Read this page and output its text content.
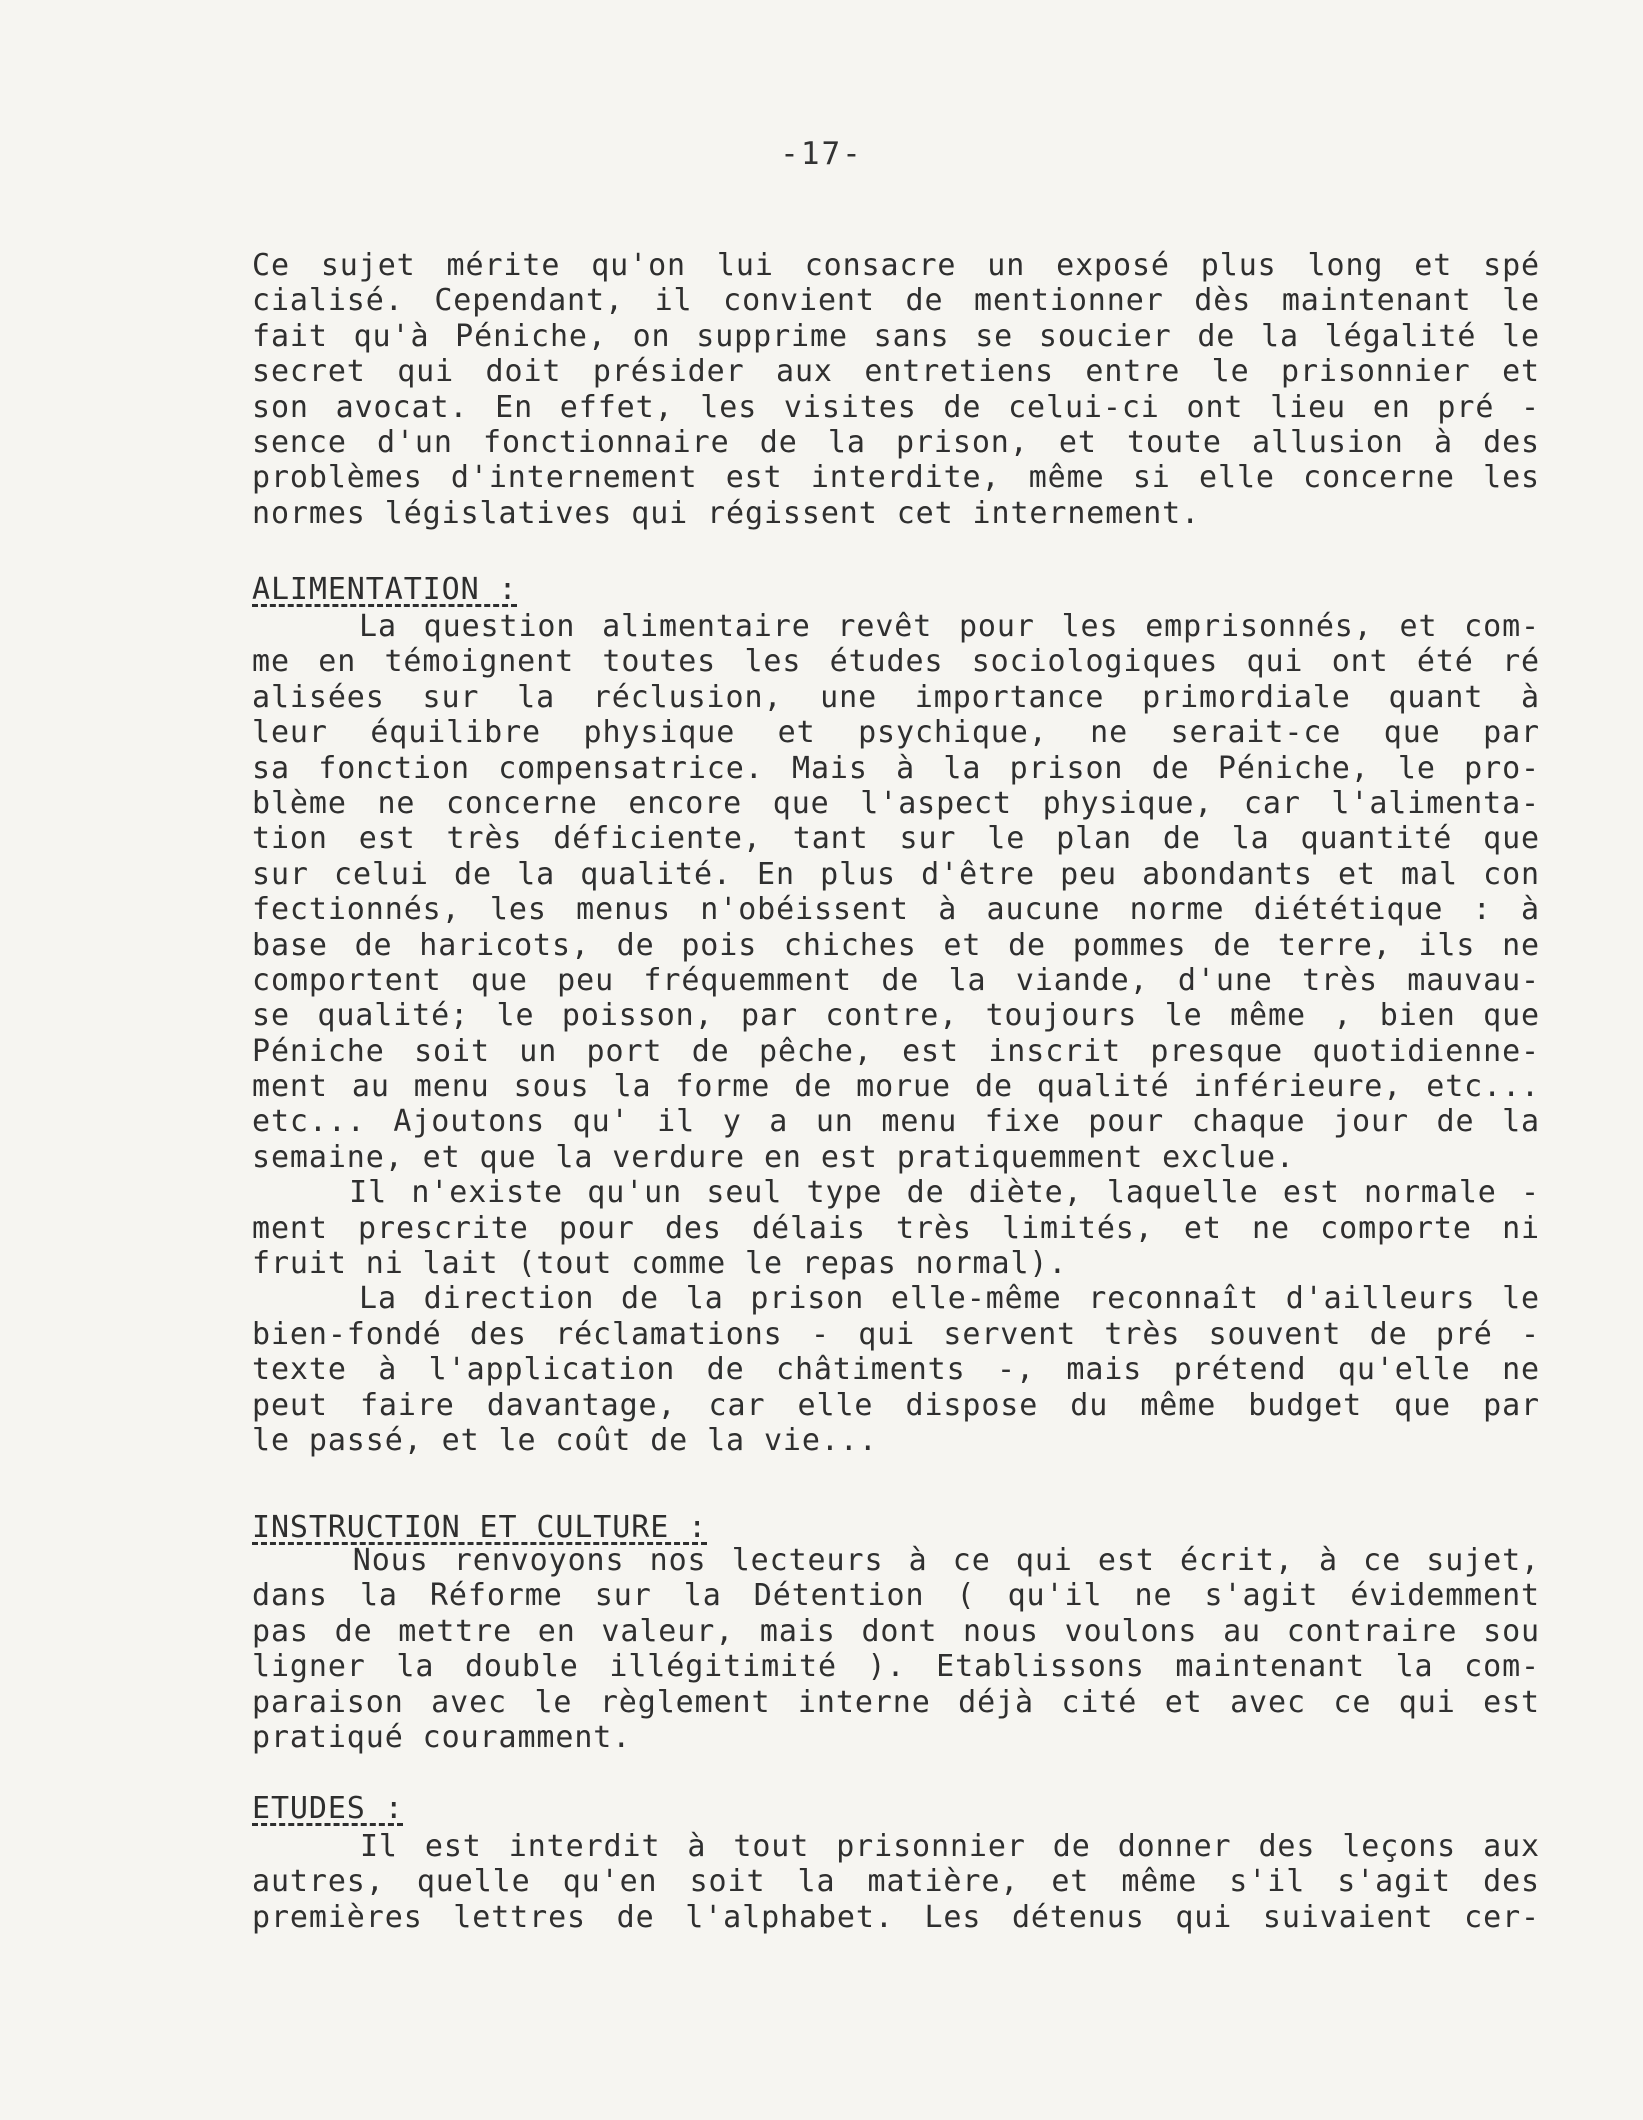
-17-

Ce sujet mérite qu'on lui consacre un exposé plus long et spé
cialisé. Cependant, il convient de mentionner dès maintenant le
fait qu'à Péniche, on supprime sans se soucier de la légalité le
secret qui doit présider aux entretiens entre le prisonnier et
son avocat. En effet, les visites de celui-ci ont lieu en pré -
sence d'un fonctionnaire de la prison, et toute allusion à des
problèmes d'internement est interdite, même si elle concerne les
normes législatives qui régissent cet internement.
ALIMENTATION :
La question alimentaire revêt pour les emprisonnés, et com-
me en témoignent toutes les études sociologiques qui ont été ré
alisées sur la réclusion, une importance primordiale quant à
leur équilibre physique et psychique, ne serait-ce que par
sa fonction compensatrice. Mais à la prison de Péniche, le pro-
blème ne concerne encore que l'aspect physique, car l'alimenta-
tion est très déficiente, tant sur le plan de la quantité que
sur celui de la qualité. En plus d'être peu abondants et mal con
fectionnés, les menus n'obéissent à aucune norme diététique : à
base de haricots, de pois chiches et de pommes de terre, ils ne
comportent que peu fréquemment de la viande, d'une très mauvau-
se qualité; le poisson, par contre, toujours le même , bien que
Péniche soit un port de pêche, est inscrit presque quotidienne-
ment au menu sous la forme de morue de qualité inférieure, etc...
etc... Ajoutons qu' il y a un menu fixe pour chaque jour de la
semaine, et que la verdure en est pratiquemment exclue.
Il n'existe qu'un seul type de diète, laquelle est normale -
ment prescrite pour des délais très limités, et ne comporte ni
fruit ni lait (tout comme le repas normal).
La direction de la prison elle-même reconnaît d'ailleurs le
bien-fondé des réclamations - qui servent très souvent de pré -
texte à l'application de châtiments -, mais prétend qu'elle ne
peut faire davantage, car elle dispose du même budget que par
le passé, et le coût de la vie...
INSTRUCTION ET CULTURE :
Nous renvoyons nos lecteurs à ce qui est écrit, à ce sujet,
dans la Réforme sur la Détention ( qu'il ne s'agit évidemment
pas de mettre en valeur, mais dont nous voulons au contraire sou
ligner la double illégitimité ). Etablissons maintenant la com-
paraison avec le règlement interne déjà cité et avec ce qui est
pratiqué couramment.
ETUDES :
Il est interdit à tout prisonnier de donner des leçons aux
autres, quelle qu'en soit la matière, et même s'il s'agit des
premières lettres de l'alphabet. Les détenus qui suivaient cer-
